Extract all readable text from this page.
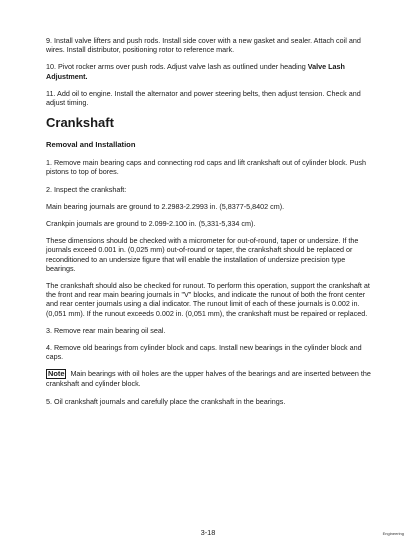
9. Install valve lifters and push rods. Install side cover with a new gasket and sealer. Attach coil and wires. Install distributor, positioning rotor to reference mark.

10. Pivot rocker arms over push rods. Adjust valve lash as outlined under heading Valve Lash Adjustment.

11. Add oil to engine. Install the alternator and power steering belts, then adjust tension. Check and adjust timing.

Crankshaft
Removal and Installation

1. Remove main bearing caps and connecting rod caps and lift crankshaft out of cylinder block. Push pistons to top of bores.

2. Inspect the crankshaft:

Main bearing journals are ground to 2.2983-2.2993 in. (5,8377-5,8402 cm).

Crankpin journals are ground to 2.099-2.100 in. (5,331-5,334 cm).

These dimensions should be checked with a micrometer for out-of-round, taper or undersize. If the journals exceed 0.001 in. (0,025 mm) out-of-round or taper, the crankshaft should be replaced or reconditioned to an undersize figure that will enable the installation of undersize precision type bearings.

The crankshaft should also be checked for runout. To perform this operation, support the crankshaft at the front and rear main bearing journals in "V" blocks, and indicate the runout of both the front center and rear center journals using a dial indicator. The runout limit of each of these journals is 0.002 in. (0,051 mm). If the runout exceeds 0.002 in. (0,051 mm), the crankshaft must be repaired or replaced.

3. Remove rear main bearing oil seal.

4. Remove old bearings from cylinder block and caps. Install new bearings in the cylinder block and caps.

Note Main bearings with oil holes are the upper halves of the bearings and are inserted between the crankshaft and cylinder block.

5. Oil crankshaft journals and carefully place the crankshaft in the bearings.

3-18	Engineering
